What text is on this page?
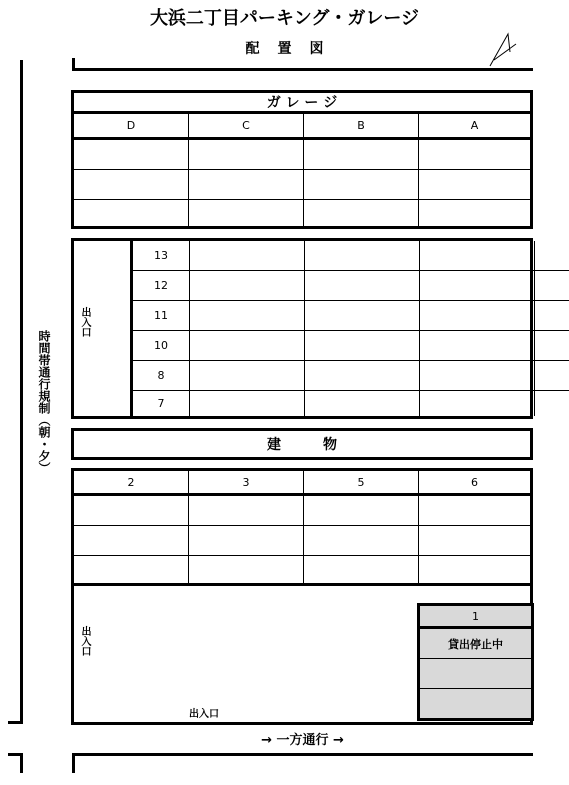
大浜二丁目パーキング・ガレージ
配 置 図
時間帯通行規制（朝・夕）
ガ レ ー ジ
D	C	B	A
出入口
13
12
11
10
8
7
建　　　物
2	3	5	6
出入口
出入口
1
貸出停止中
→ 一方通行 →
